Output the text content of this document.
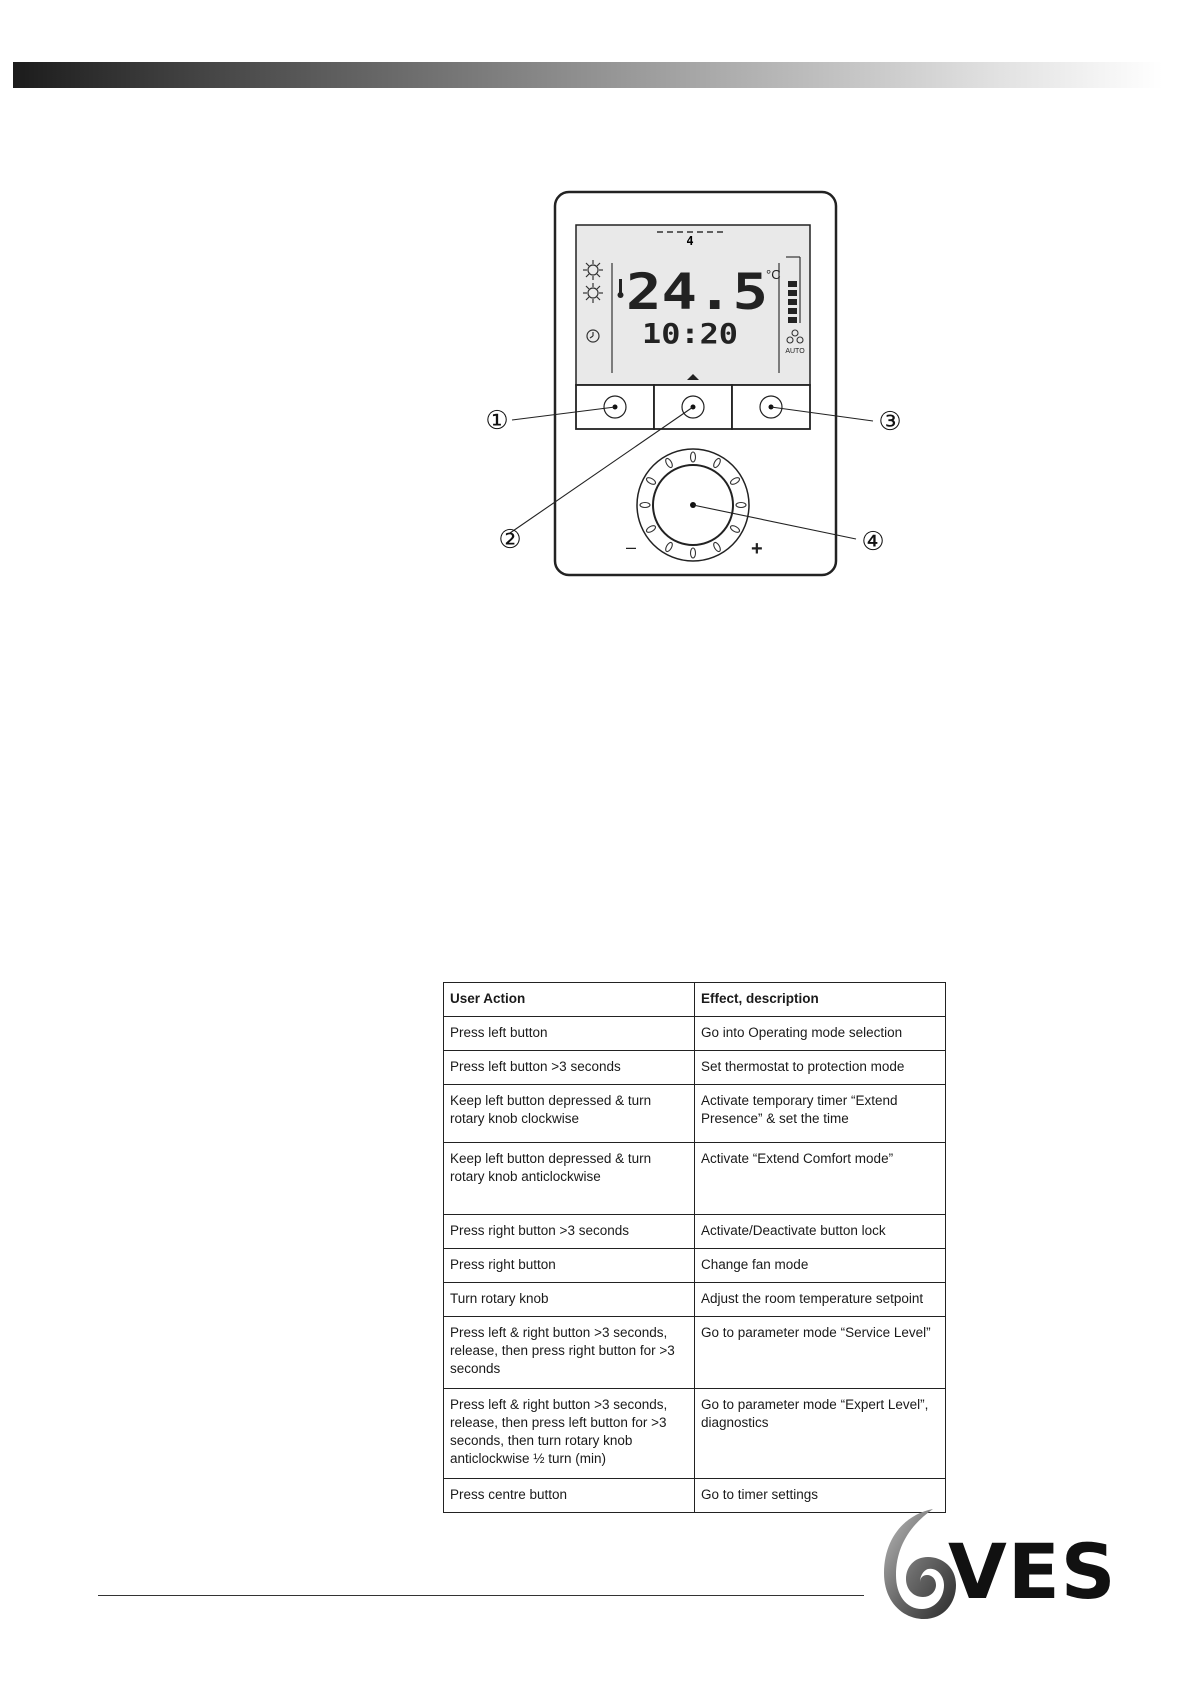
4
24.5
°C
10:20
AUTO
–	+
①
②
③
④
User Action	Effect, description
Press left button	Go into Operating mode selection
Press left button >3 seconds	Set thermostat to protection mode
Keep left button depressed & turn rotary knob clockwise	Activate temporary timer “Extend Presence” & set the time
Keep left button depressed & turn rotary knob anticlockwise	Activate “Extend Comfort mode”
Press right button >3 seconds	Activate/Deactivate button lock
Press right button	Change fan mode
Turn rotary knob	Adjust the room temperature setpoint
Press left & right button >3 seconds, release, then press right button for >3 seconds	Go to parameter mode “Service Level”
Press left & right button >3 seconds, release, then press left button for >3 seconds, then turn rotary knob anticlockwise ½ turn (min)	Go to parameter mode “Expert Level”, diagnostics
Press centre button	Go to timer settings
VES
